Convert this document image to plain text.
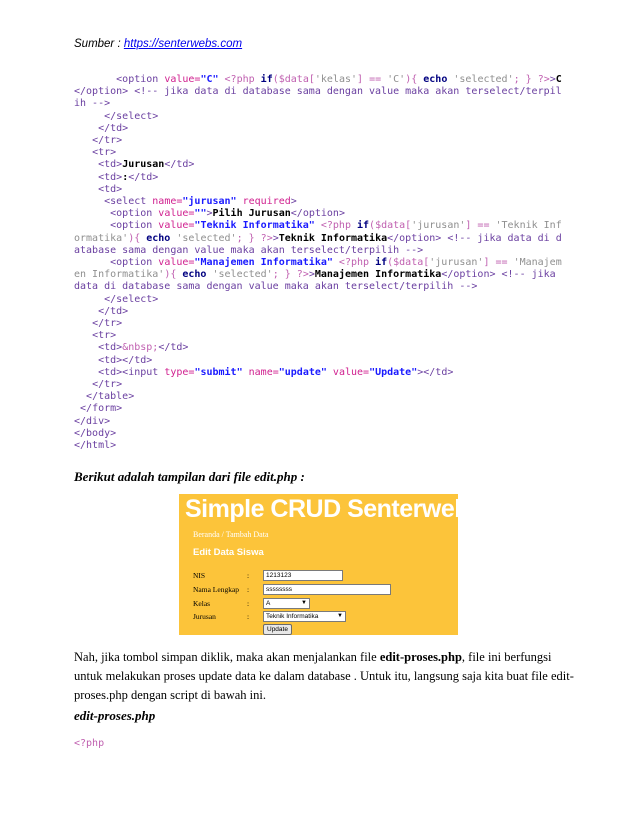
Sumber : https://senterwebs.com
<option value="C" <?php if($data['kelas'] == 'C'){ echo 'selected'; } ?>>C</option> <!-- jika data di database sama dengan value maka akan terselect/terpilih -->
</select>
</td>
</tr>
<tr>
<td>Jurusan</td>
<td>:</td>
<td>
<select name="jurusan" required>
<option value="">Pilih Jurusan</option>
<option value="Teknik Informatika" <?php if($data['jurusan'] == 'Teknik Informatika'){ echo 'selected'; } ?>>Teknik Informatika</option> <!-- jika data di database sama dengan value maka akan terselect/terpilih -->
<option value="Manajemen Informatika" <?php if($data['jurusan'] == 'Manajemen Informatika'){ echo 'selected'; } ?>>Manajemen Informatika</option> <!-- jika data di database sama dengan value maka akan terselect/terpilih -->
</select>
</td>
</tr>
<tr>
<td>&nbsp;</td>
<td></td>
<td><input type="submit" name="update" value="Update"></td>
</tr>
</table>
</form>
</div>
</body>
</html>
Berikut adalah tampilan dari file edit.php :
Simple CRUD Senterwebs.com
Beranda / Tambah Data
Edit Data Siswa
NIS	:	1213123
Nama Lengkap	:	ssssssss
Kelas	:	A	▼
Jurusan	:	Teknik Informatika	▼
Update
Nah, jika tombol simpan diklik, maka akan menjalankan file edit-proses.php, file ini berfungsi untuk melakukan proses update data ke dalam database . Untuk itu, langsung saja kita buat file edit-proses.php dengan script di bawah ini.
edit-proses.php
<?php
